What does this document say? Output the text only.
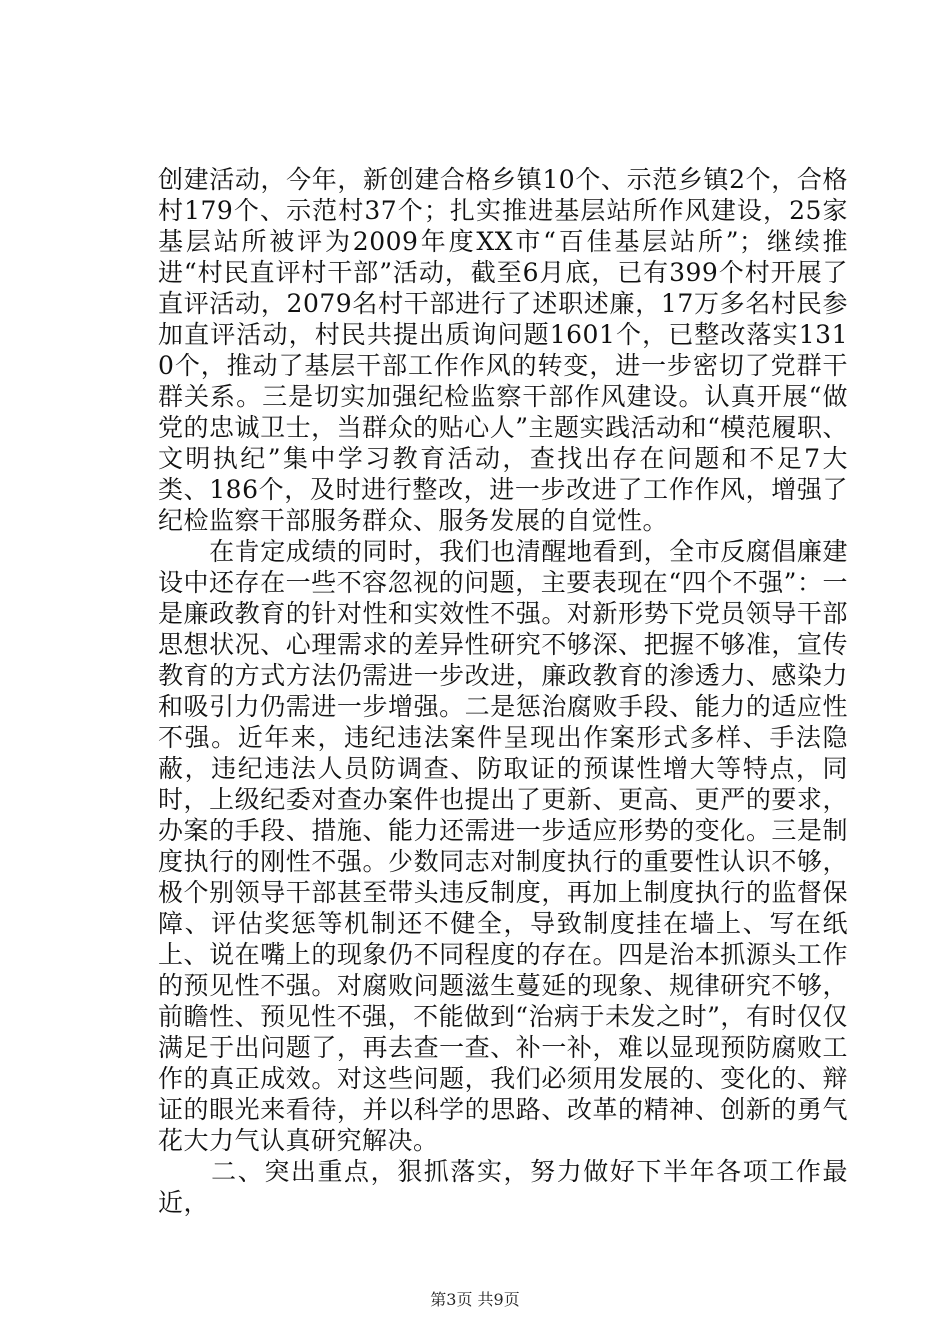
创建活动，今年，新创建合格乡镇10个、示范乡镇2个，合格村179个、示范村37个；扎实推进基层站所作风建设，25家基层站所被评为2009年度XX市“百佳基层站所”；继续推进“村民直评村干部”活动，截至6月底，已有399个村开展了直评活动，2079名村干部进行了述职述廉，17万多名村民参加直评活动，村民共提出质询问题1601个，已整改落实1310个，推动了基层干部工作作风的转变，进一步密切了党群干群关系。三是切实加强纪检监察干部作风建设。认真开展“做党的忠诚卫士，当群众的贴心人”主题实践活动和“模范履职、文明执纪”集中学习教育活动，查找出存在问题和不足7大类、186个，及时进行整改，进一步改进了工作作风，增强了纪检监察干部服务群众、服务发展的自觉性。

　　在肯定成绩的同时，我们也清醒地看到，全市反腐倡廉建设中还存在一些不容忽视的问题，主要表现在“四个不强”：一是廉政教育的针对性和实效性不强。对新形势下党员领导干部思想状况、心理需求的差异性研究不够深、把握不够准，宣传教育的方式方法仍需进一步改进，廉政教育的渗透力、感染力和吸引力仍需进一步增强。二是惩治腐败手段、能力的适应性不强。近年来，违纪违法案件呈现出作案形式多样、手法隐蔽，违纪违法人员防调查、防取证的预谋性增大等特点，同时，上级纪委对查办案件也提出了更新、更高、更严的要求，办案的手段、措施、能力还需进一步适应形势的变化。三是制度执行的刚性不强。少数同志对制度执行的重要性认识不够，极个别领导干部甚至带头违反制度，再加上制度执行的监督保障、评估奖惩等机制还不健全，导致制度挂在墙上、写在纸上、说在嘴上的现象仍不同程度的存在。四是治本抓源头工作的预见性不强。对腐败问题滋生蔓延的现象、规律研究不够，前瞻性、预见性不强，不能做到“治病于未发之时”，有时仅仅满足于出问题了，再去查一查、补一补，难以显现预防腐败工作的真正成效。对这些问题，我们必须用发展的、变化的、辩证的眼光来看待，并以科学的思路、改革的精神、创新的勇气花大力气认真研究解决。

　　二、突出重点，狠抓落实，努力做好下半年各项工作最近，

第3页 共9页
